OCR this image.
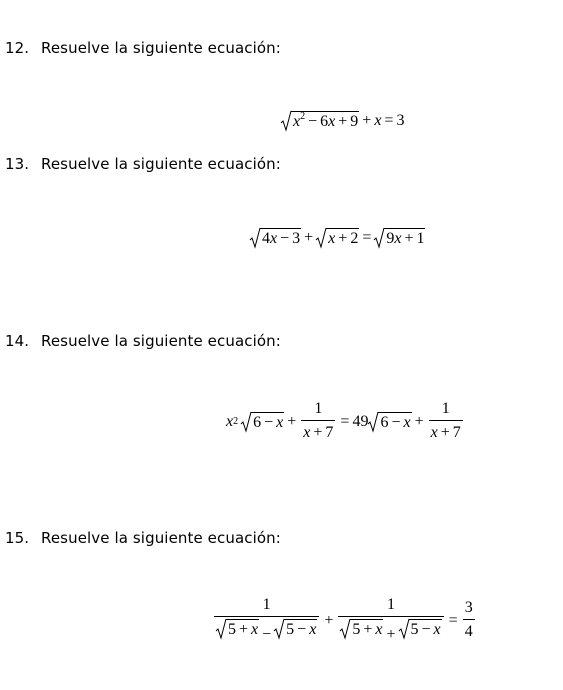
12. Resuelve la siguiente ecuación:
$x^2 - 6x + 9 + x = 3$
13. Resuelve la siguiente ecuación:
4x − 3 + x + 2 = 9x + 1
14. Resuelve la siguiente ecuación:
x 2 $6 - x + \frac{1}{x + 7} = 49$ $6 - x + \frac{1}{x + 7}$
15. Resuelve la siguiente ecuación:
$\frac{1}{5 + x - 5 - x} + \frac{1}{5 + x + 5 - x} = \frac{3}{4}$
